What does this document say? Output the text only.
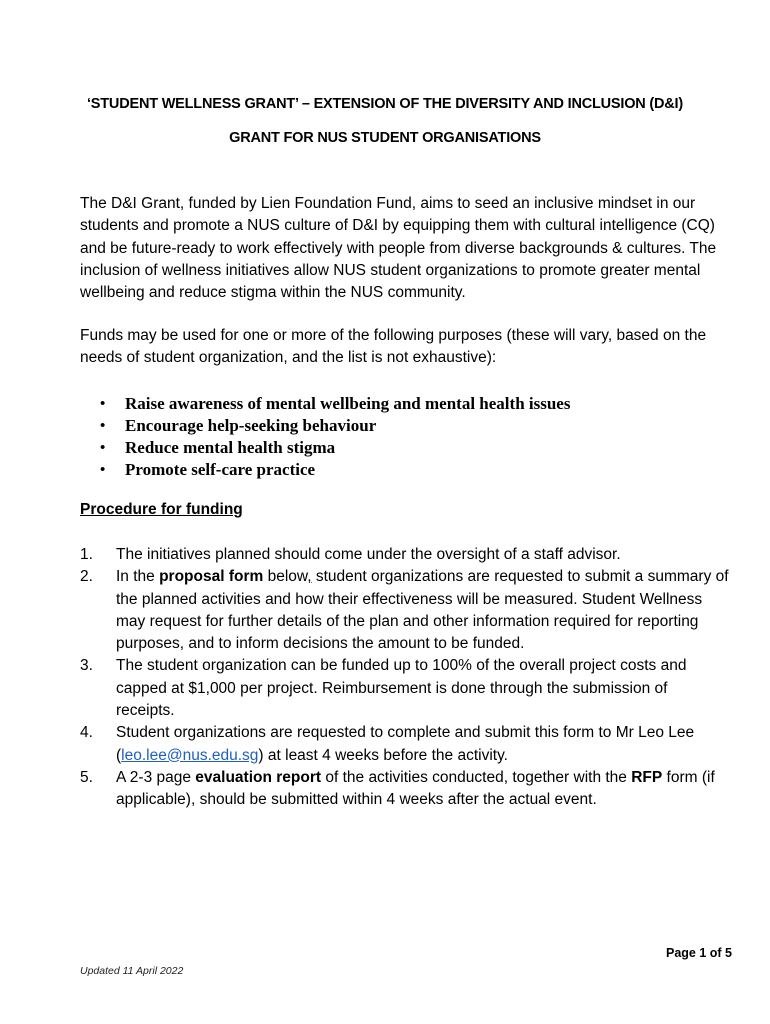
‘STUDENT WELLNESS GRANT’ – EXTENSION OF THE DIVERSITY AND INCLUSION (D&I)
GRANT FOR NUS STUDENT ORGANISATIONS

The D&I Grant, funded by Lien Foundation Fund, aims to seed an inclusive mindset in our students and promote a NUS culture of D&I by equipping them with cultural intelligence (CQ) and be future-ready to work effectively with people from diverse backgrounds & cultures. The inclusion of wellness initiatives allow NUS student organizations to promote greater mental wellbeing and reduce stigma within the NUS community.

Funds may be used for one or more of the following purposes (these will vary, based on the needs of student organization, and the list is not exhaustive):

• Raise awareness of mental wellbeing and mental health issues
• Encourage help-seeking behaviour
• Reduce mental health stigma
• Promote self-care practice
Procedure for funding
1. The initiatives planned should come under the oversight of a staff advisor.
2. In the proposal form below, student organizations are requested to submit a summary of the planned activities and how their effectiveness will be measured. Student Wellness may request for further details of the plan and other information required for reporting purposes, and to inform decisions the amount to be funded.
3. The student organization can be funded up to 100% of the overall project costs and capped at $1,000 per project. Reimbursement is done through the submission of receipts.
4. Student organizations are requested to complete and submit this form to Mr Leo Lee (leo.lee@nus.edu.sg) at least 4 weeks before the activity.
5. A 2-3 page evaluation report of the activities conducted, together with the RFP form (if applicable), should be submitted within 4 weeks after the actual event.
Page 1 of 5
Updated 11 April 2022
